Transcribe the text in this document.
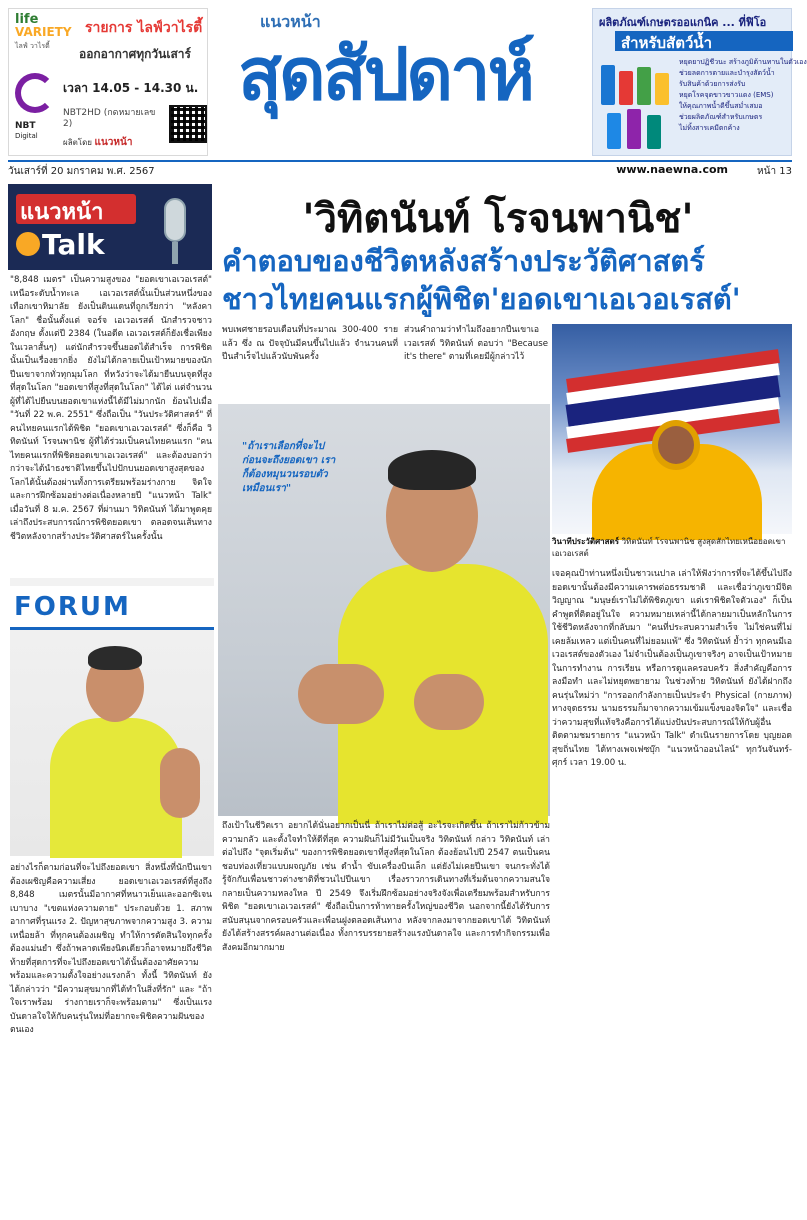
life
VARIETY
ไลฟ์ วาไรตี้
รายการ ไลฟ์วาไรตี้
ออกอากาศทุกวันเสาร์
NBT Digital
เวลา 14.05 - 14.30 น.
NBT2HD (กดหมายเลข 2)
ผลิตโดย แนวหน้า
แนวหน้า
สุดสัปดาห์
ผลิตภัณฑ์เกษตรออแกนิค ... ที่ฟิโอ
สำหรับสัตว์น้ำ
หยุดยาปฏิชีวนะ สร้างภูมิต้านทานในตัวเอง
ช่วยลดการตายและบำรุงสัตว์น้ำ
รับสินค้าด้วยการส่งรับ
หยุดโรคจุดขาวขาวแดง (EMS)
ให้คุณภาพน้ำดีขึ้นสม่ำเสมอ
ช่วยผลิตภัณฑ์สำหรับเกษตร
ไม่ทิ้งสารเคมีตกค้าง
วันเสาร์ที่ 20 มกราคม พ.ศ. 2567	www.naewna.com	หน้า 13
แนวหน้า
Talk
"8,848 เมตร" เป็นความสูงของ "ยอดเขาเอเวอเรสต์" เหนือระดับน้ำทะเล เอเวอเรสต์นั้นเป็นส่วนหนึ่งของเทือกเขาหิมาลัย ยังเป็นดินแดนที่ถูกเรียกว่า "หลังคาโลก" ชื่อนั้นตั้งแต่ จอร์จ เอเวอเรสต์ นักสำรวจชาวอังกฤษ ตั้งแต่ปี 2384 (ในอดีต เอเวอเรสต์ก็ยังเชื่อเพียงในเวลาสั้นๆ) แต่นักสำรวจขึ้นยอดได้สำเร็จ การพิชิตนั้นเป็นเรื่องยากยิ่ง ยังไม่ได้กลายเป็นเป้าหมายของนักปีนเขาจากทั่วทุกมุมโลก ที่หวังว่าจะได้มายืนบนจุดที่สูงที่สุดในโลก "ยอดเขาที่สูงที่สุดในโลก" ได้ไต่ แต่จำนวนผู้ที่ได้ไปยืนบนยอดเขาแห่งนี้ได้มีไม่มากนัก ย้อนไปเมื่อ "วันที่ 22 พ.ค. 2551" ซึ่งถือเป็น "วันประวัติศาสตร์" ที่คนไทยคนแรกได้พิชิต "ยอดเขาเอเวอเรสต์" ซึ่งก็คือ วิทิตนันท์ โรจนพานิช ผู้ที่ได้ร่วมเป็นคนไทยคนแรก "คนไทยคนแรกที่พิชิตยอดเขาเอเวอเรสต์" และต้องบอกว่า กว่าจะได้นำธงชาติไทยขึ้นไปปักบนยอดเขาสูงสุดของโลกได้นั้นต้องผ่านทั้งการเตรียมพร้อมร่างกาย จิตใจ และการฝึกซ้อมอย่างต่อเนื่องหลายปี "แนวหน้า Talk" เมื่อวันที่ 8 ม.ค. 2567 ที่ผ่านมา วิทิตนันท์ ได้มาพูดคุยเล่าถึงประสบการณ์การพิชิตยอดเขา ตลอดจนเส้นทางชีวิตหลังจากสร้างประวัติศาสตร์ในครั้งนั้น
FORUM
อย่างไรก็ตามก่อนที่จะไปถึงยอดเขา สิ่งหนึ่งที่นักปีนเขาต้องเผชิญคือความเสี่ยง ยอดเขาเอเวอเรสต์ที่สูงถึง 8,848 เมตรนั้นมีอากาศที่หนาวเย็นและออกซิเจนเบาบาง "เขตแห่งความตาย" ประกอบด้วย 1. สภาพอากาศที่รุนแรง 2. ปัญหาสุขภาพจากความสูง 3. ความเหนื่อยล้า ที่ทุกคนต้องเผชิญ ทำให้การตัดสินใจทุกครั้งต้องแม่นยำ ซึ่งถ้าพลาดเพียงนิดเดียวก็อาจหมายถึงชีวิต ท้ายที่สุดการที่จะไปถึงยอดเขาได้นั้นต้องอาศัยความพร้อมและความตั้งใจอย่างแรงกล้า ทั้งนี้ วิทิตนันท์ ยังได้กล่าวว่า "มีความสุขมากที่ได้ทำในสิ่งที่รัก" และ "ถ้าใจเราพร้อม ร่างกายเราก็จะพร้อมตาม" ซึ่งเป็นแรงบันดาลใจให้กับคนรุ่นใหม่ที่อยากจะพิชิตความฝันของตนเอง
'วิทิตนันท์ โรจนพานิช'
คำตอบของชีวิตหลังสร้างประวัติศาสตร์
ชาวไทยคนแรกผู้พิชิต'ยอดเขาเอเวอเรสต์'
พบเพศชายรอบเดือนที่ประมาณ 300-400 รายแล้ว ซึ่ง ณ ปัจจุบันมีคนขึ้นไปแล้ว จำนวนคนที่ปีนสำเร็จไปแล้วนับพันครั้ง
ส่วนคำถามว่าทำไมถึงอยากปีนเขาเอเวอเรสต์ วิทิตนันท์ ตอบว่า "Because it's there" ตามที่เคยมีผู้กล่าวไว้
"ถ้าเราเลือกที่จะไป ก่อนจะถึงยอดเขา เราก็ต้องหมุนวนรอบตัวเหมือนเรา"
วินาทีประวัติศาสตร์ วิทิตนันท์ โรจนพานิช สูงสุดสักไทยเหนือยอดเขาเอเวอเรสต์
ถึงเป้าในชีวิตเรา อยากได้นั่นอยากเป็นนี่ ถ้าเราไม่ต่อสู้ อะไรจะเกิดขึ้น ถ้าเราไม่ก้าวข้ามความกลัว และตั้งใจทำให้ดีที่สุด ความฝันก็ไม่มีวันเป็นจริง วิทิตนันท์ กล่าว วิทิตนันท์ เล่าต่อไปถึง "จุดเริ่มต้น" ของการพิชิตยอดเขาที่สูงที่สุดในโลก ต้องย้อนไปปี 2547 ตนเป็นคนชอบท่องเที่ยวแบบผจญภัย เช่น ดำน้ำ ขับเครื่องบินเล็ก แต่ยังไม่เคยปีนเขา จนกระทั่งได้รู้จักกับเพื่อนชาวต่างชาติที่ชวนไปปีนเขา เรื่องราวการเดินทางที่เริ่มต้นจากความสนใจ กลายเป็นความหลงใหล ปี 2549 จึงเริ่มฝึกซ้อมอย่างจริงจังเพื่อเตรียมพร้อมสำหรับการพิชิต "ยอดเขาเอเวอเรสต์" ซึ่งถือเป็นการท้าทายครั้งใหญ่ของชีวิต นอกจากนี้ยังได้รับการสนับสนุนจากครอบครัวและเพื่อนฝูงตลอดเส้นทาง หลังจากลงมาจากยอดเขาได้ วิทิตนันท์ ยังได้สร้างสรรค์ผลงานต่อเนื่อง ทั้งการบรรยายสร้างแรงบันดาลใจ และการทำกิจกรรมเพื่อสังคมอีกมากมาย
เจอคุณป้าท่านหนึ่งเป็นชาวเนปาล เล่าให้ฟังว่าการที่จะได้ขึ้นไปถึงยอดเขานั้นต้องมีความเคารพต่อธรรมชาติ และเชื่อว่าภูเขามีจิตวิญญาณ "มนุษย์เราไม่ได้พิชิตภูเขา แต่เราพิชิตใจตัวเอง" ก็เป็นคำพูดที่ติดอยู่ในใจ ความหมายเหล่านี้ได้กลายมาเป็นหลักในการใช้ชีวิตหลังจากที่กลับมา "คนที่ประสบความสำเร็จ ไม่ใช่คนที่ไม่เคยล้มเหลว แต่เป็นคนที่ไม่ยอมแพ้" ซึ่ง วิทิตนันท์ ย้ำว่า ทุกคนมีเอเวอเรสต์ของตัวเอง ไม่จำเป็นต้องเป็นภูเขาจริงๆ อาจเป็นเป้าหมายในการทำงาน การเรียน หรือการดูแลครอบครัว สิ่งสำคัญคือการลงมือทำ และไม่หยุดพยายาม ในช่วงท้าย วิทิตนันท์ ยังได้ฝากถึงคนรุ่นใหม่ว่า "การออกกำลังกายเป็นประจำ Physical (กายภาพ) ทางจุดธรรม นามธรรมก็มาจากความเข้มแข็งของจิตใจ" และเชื่อว่าความสุขที่แท้จริงคือการได้แบ่งปันประสบการณ์ให้กับผู้อื่น ติดตามชมรายการ "แนวหน้า Talk" ดำเนินรายการโดย บุญยอด สุขถิ่นไทย ได้ทางเพจเฟซบุ๊ก "แนวหน้าออนไลน์" ทุกวันจันทร์-ศุกร์ เวลา 19.00 น.
